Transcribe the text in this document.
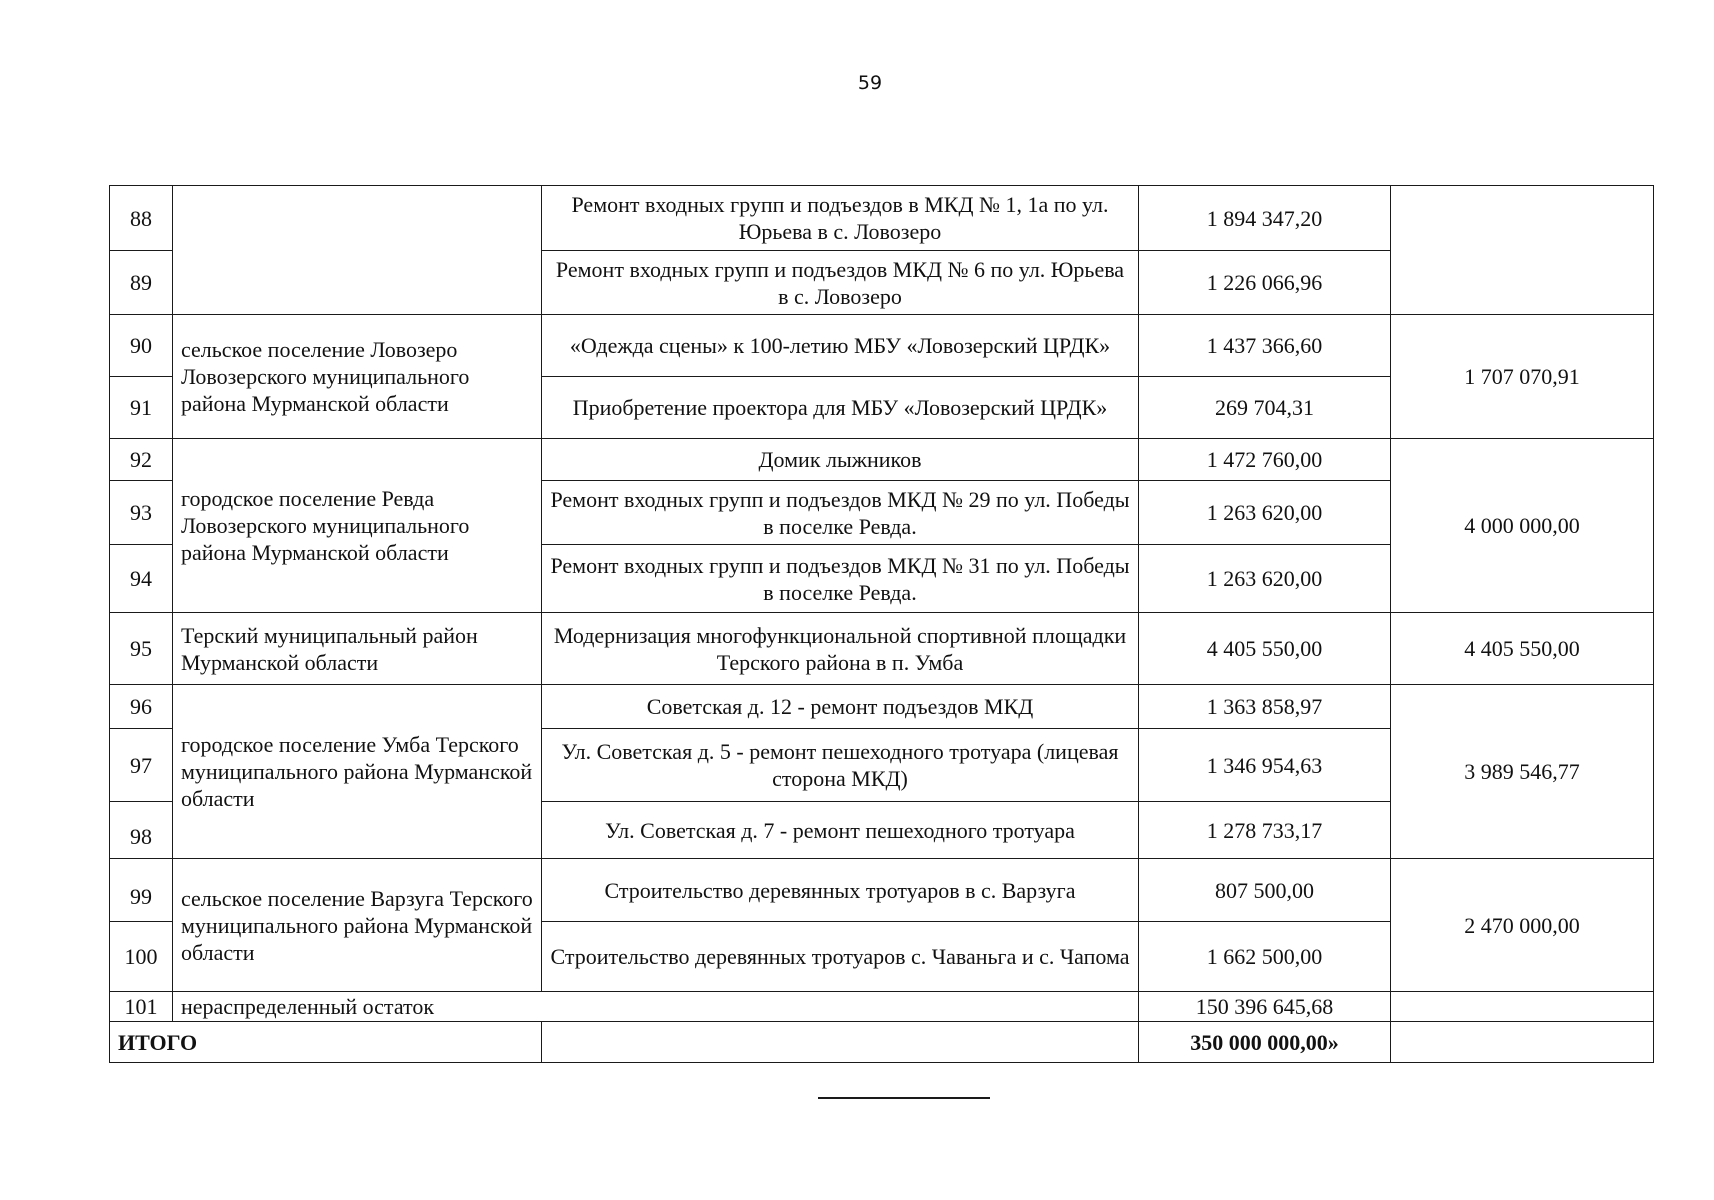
59
88		Ремонт входных групп и подъездов в МКД № 1, 1а по ул. Юрьева в с. Ловозеро	1 894 347,20	
89		Ремонт входных групп и подъездов МКД № 6 по ул. Юрьева в с. Ловозеро	1 226 066,96	
90	сельское поселение Ловозеро Ловозерского муниципального района Мурманской области	«Одежда сцены» к 100-летию МБУ «Ловозерский ЦРДК»	1 437 366,60	1 707 070,91
91		Приобретение проектора для МБУ «Ловозерский ЦРДК»	269 704,31	
92	городское поселение Ревда Ловозерского муниципального района Мурманской области	Домик лыжников	1 472 760,00	4 000 000,00
93		Ремонт входных групп и подъездов МКД № 29 по ул. Победы в поселке Ревда.	1 263 620,00	
94		Ремонт входных групп и подъездов МКД № 31 по ул. Победы в поселке Ревда.	1 263 620,00	
95	Терский муниципальный район Мурманской области	Модернизация многофункциональной спортивной площадки Терского района в п. Умба	4 405 550,00	4 405 550,00
96	городское поселение Умба Терского муниципального района Мурманской области	Советская д. 12 - ремонт подъездов МКД	1 363 858,97	3 989 546,77
97		Ул. Советская д. 5 - ремонт пешеходного тротуара (лицевая сторона МКД)	1 346 954,63	
98		Ул. Советская д. 7 - ремонт пешеходного тротуара	1 278 733,17	
99	сельское поселение Варзуга Терского муниципального района Мурманской области	Строительство деревянных тротуаров в с. Варзуга	807 500,00	2 470 000,00
100		Строительство деревянных тротуаров с. Чаваньга и с. Чапома	1 662 500,00	
101	нераспределенный остаток		150 396 645,68	
ИТОГО			350 000 000,00»	
